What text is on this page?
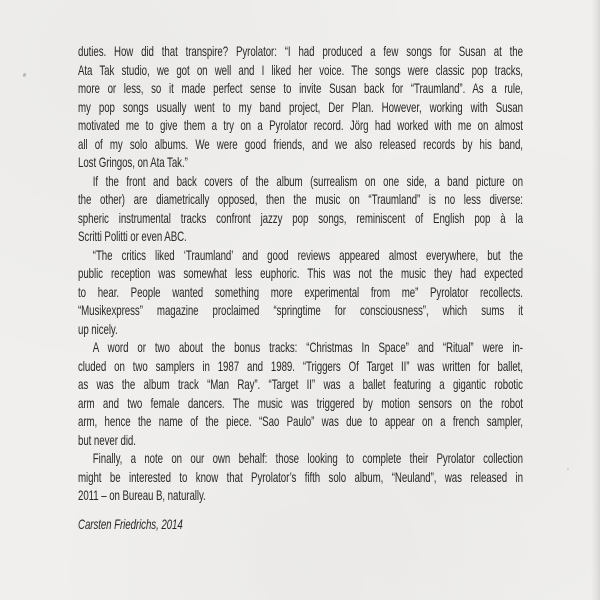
duties. How did that transpire? Pyrolator: “I had produced a few songs for Susan at the
Ata Tak studio, we got on well and I liked her voice. The songs were classic pop tracks,
more or less, so it made perfect sense to invite Susan back for “Traumland”. As a rule,
my pop songs usually went to my band project, Der Plan. However, working with Susan
motivated me to give them a try on a Pyrolator record. Jörg had worked with me on almost
all of my solo albums. We were good friends, and we also released records by his band,
Lost Gringos, on Ata Tak.”
If the front and back covers of the album (surrealism on one side, a band picture on
the other) are diametrically opposed, then the music on “Traumland” is no less diverse:
spheric instrumental tracks confront jazzy pop songs, reminiscent of English pop à la
Scritti Politti or even ABC.
“The critics liked ‘Traumland’ and good reviews appeared almost everywhere, but the
public reception was somewhat less euphoric. This was not the music they had expected
to hear. People wanted something more experimental from me” Pyrolator recollects.
“Musikexpress” magazine proclaimed “springtime for consciousness”, which sums it
up nicely.
A word or two about the bonus tracks: “Christmas In Space” and “Ritual” were in-
cluded on two samplers in 1987 and 1989. “Triggers Of Target II” was written for ballet,
as was the album track “Man Ray”. “Target II” was a ballet featuring a gigantic robotic
arm and two female dancers. The music was triggered by motion sensors on the robot
arm, hence the name of the piece. “Sao Paulo” was due to appear on a french sampler,
but never did.
Finally, a note on our own behalf: those looking to complete their Pyrolator collection
might be interested to know that Pyrolator’s fifth solo album, “Neuland”, was released in
2011 – on Bureau B, naturally.
Carsten Friedrichs, 2014
